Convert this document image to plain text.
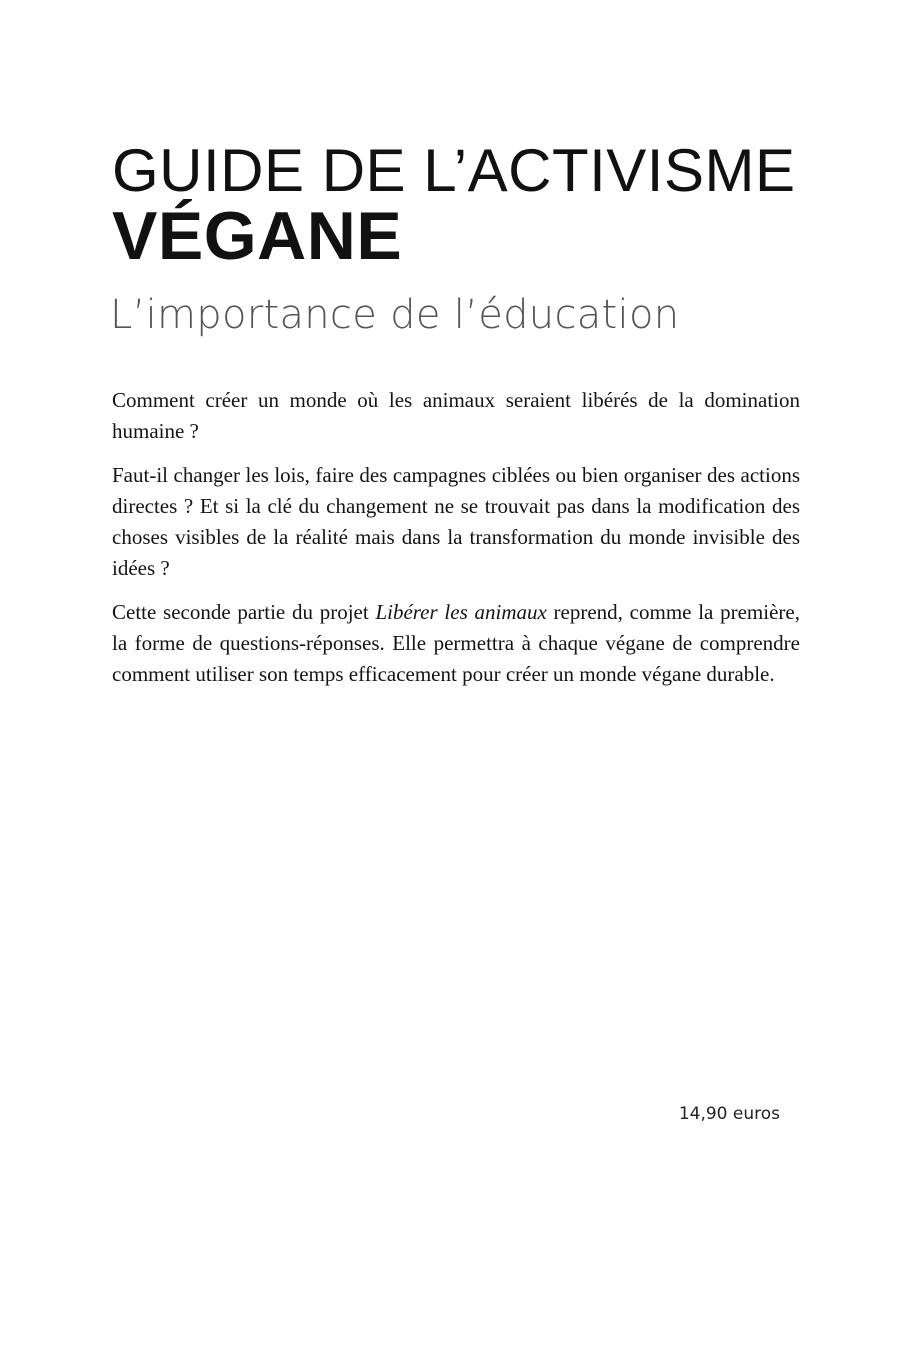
GUIDE DE L’ACTIVISME
VÉGANE
L’importance de l’éducation

Comment créer un monde où les animaux seraient libérés de la domination humaine ?

Faut-il changer les lois, faire des campagnes ciblées ou bien organiser des actions directes ? Et si la clé du changement ne se trouvait pas dans la modification des choses visibles de la réalité mais dans la transformation du monde invisible des idées ?

Cette seconde partie du projet Libérer les animaux reprend, comme la première, la forme de questions-réponses. Elle permettra à chaque végane de comprendre comment utiliser son temps efficacement pour créer un monde végane durable.

14,90 euros
